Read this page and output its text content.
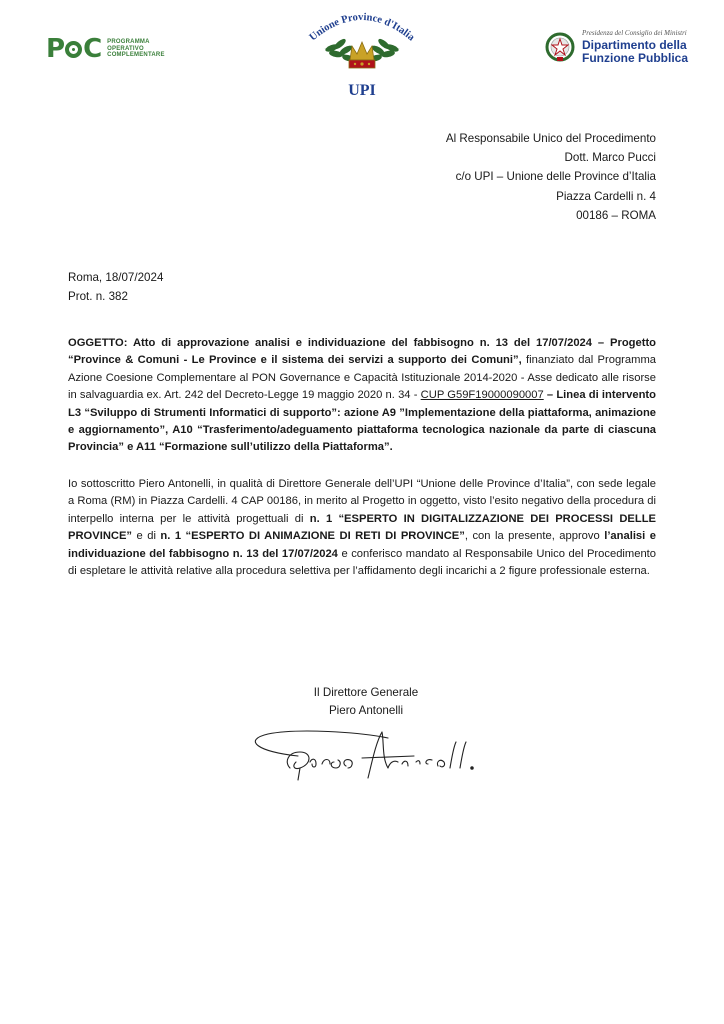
P C PROGRAMMA
OPERATIVO
COMPLEMENTARE
Unione Province d'Italia
UPI
Presidenza del Consiglio dei Ministri
Dipartimento della
Funzione Pubblica
Al Responsabile Unico del Procedimento
Dott. Marco Pucci
c/o UPI – Unione delle Province d’Italia
Piazza Cardelli n. 4
00186 – ROMA
Roma, 18/07/2024
Prot. n. 382
OGGETTO: Atto di approvazione analisi e individuazione del fabbisogno n. 13 del 17/07/2024 – Progetto “Province & Comuni - Le Province e il sistema dei servizi a supporto dei Comuni”, finanziato dal Programma Azione Coesione Complementare al PON Governance e Capacità Istituzionale 2014-2020 - Asse dedicato alle risorse in salvaguardia ex. Art. 242 del Decreto-Legge 19 maggio 2020 n. 34 - CUP G59F19000090007 – Linea di intervento L3 “Sviluppo di Strumenti Informatici di supporto”: azione A9 ”Implementazione della piattaforma, animazione e aggiornamento”, A10 “Trasferimento/adeguamento piattaforma tecnologica nazionale da parte di ciascuna Provincia” e A11 “Formazione sull’utilizzo della Piattaforma”.
Io sottoscritto Piero Antonelli, in qualità di Direttore Generale dell’UPI “Unione delle Province d’Italia”, con sede legale a Roma (RM) in Piazza Cardelli. 4 CAP 00186, in merito al Progetto in oggetto, visto l’esito negativo della procedura di interpello interna per le attività progettuali di n. 1 “ESPERTO IN DIGITALIZZAZIONE DEI PROCESSI DELLE PROVINCE” e di n. 1 “ESPERTO DI ANIMAZIONE DI RETI DI PROVINCE”, con la presente, approvo l’analisi e individuazione del fabbisogno n. 13 del 17/07/2024 e conferisco mandato al Responsabile Unico del Procedimento di espletare le attività relative alla procedura selettiva per l’affidamento degli incarichi a 2 figure professionale esterna.
Il Direttore Generale
Piero Antonelli
